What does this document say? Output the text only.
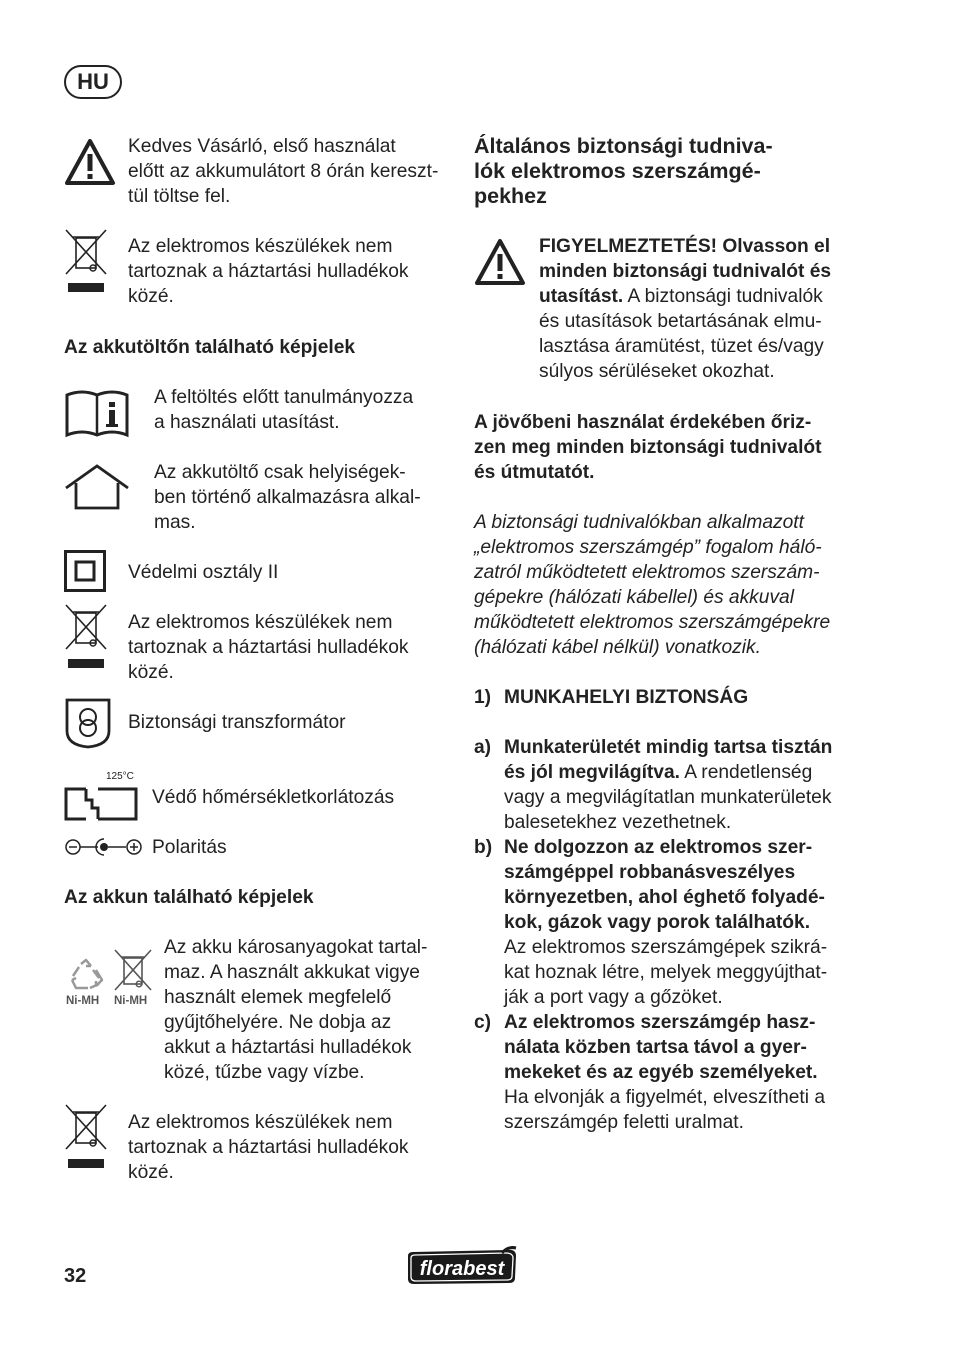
HU
Kedves Vásárló, első használat
előtt az akkumulátort 8 órán kereszt-
tül töltse fel.
Az elektromos készülékek nem
tartoznak a háztartási hulladékok
közé.
Az akkutöltőn található képjelek
A feltöltés előtt tanulmányozza
a használati utasítást.
Az akkutöltő csak helyiségek-
ben történő alkalmazásra alkal-
mas.
Védelmi osztály II
Az elektromos készülékek nem
tartoznak a háztartási hulladékok
közé.
Biztonsági transzformátor
125°C
Védő hőmérsékletkorlátozás
Polaritás
Az akkun található képjelek
Ni-MH Ni-MH
Az akku károsanyagokat tartal-
maz. A használt akkukat vigye
használt elemek megfelelő
gyűjtőhelyére. Ne dobja az
akkut a háztartási hulladékok
közé, tűzbe vagy vízbe.
Az elektromos készülékek nem
tartoznak a háztartási hulladékok
közé.
Általános biztonsági tudniva-
lók elektromos szerszámgé-
pekhez
FIGYELMEZTETÉS! Olvasson el
minden biztonsági tudnivalót és
utasítást. A biztonsági tudnivalók
és utasítások betartásának elmu-
lasztása áramütést, tüzet és/vagy
súlyos sérüléseket okozhat.
A jövőbeni használat érdekében őriz-
zen meg minden biztonsági tudnivalót
és útmutatót.
A biztonsági tudnivalókban alkalmazott
„elektromos szerszámgép” fogalom háló-
zatról működtetett elektromos szerszám-
gépekre (hálózati kábellel) és akkuval
működtetett elektromos szerszámgépekre
(hálózati kábel nélkül) vonatkozik.
1) MUNKAHELYI BIZTONSÁG
a) Munkaterületét mindig tartsa tisztán
és jól megvilágítva. A rendetlenség
vagy a megvilágítatlan munkaterületek
balesetekhez vezethetnek.
b) Ne dolgozzon az elektromos szer-
számgéppel robbanásveszélyes
környezetben, ahol éghető folyadé-
kok, gázok vagy porok találhatók.
Az elektromos szerszámgépek szikrá-
kat hoznak létre, melyek meggyújthat-
ják a port vagy a gőzöket.
c) Az elektromos szerszámgép hasz-
nálata közben tartsa távol a gyer-
mekeket és az egyéb személyeket.
Ha elvonják a figyelmét, elveszítheti a
szerszámgép feletti uralmat.
32	florabest
